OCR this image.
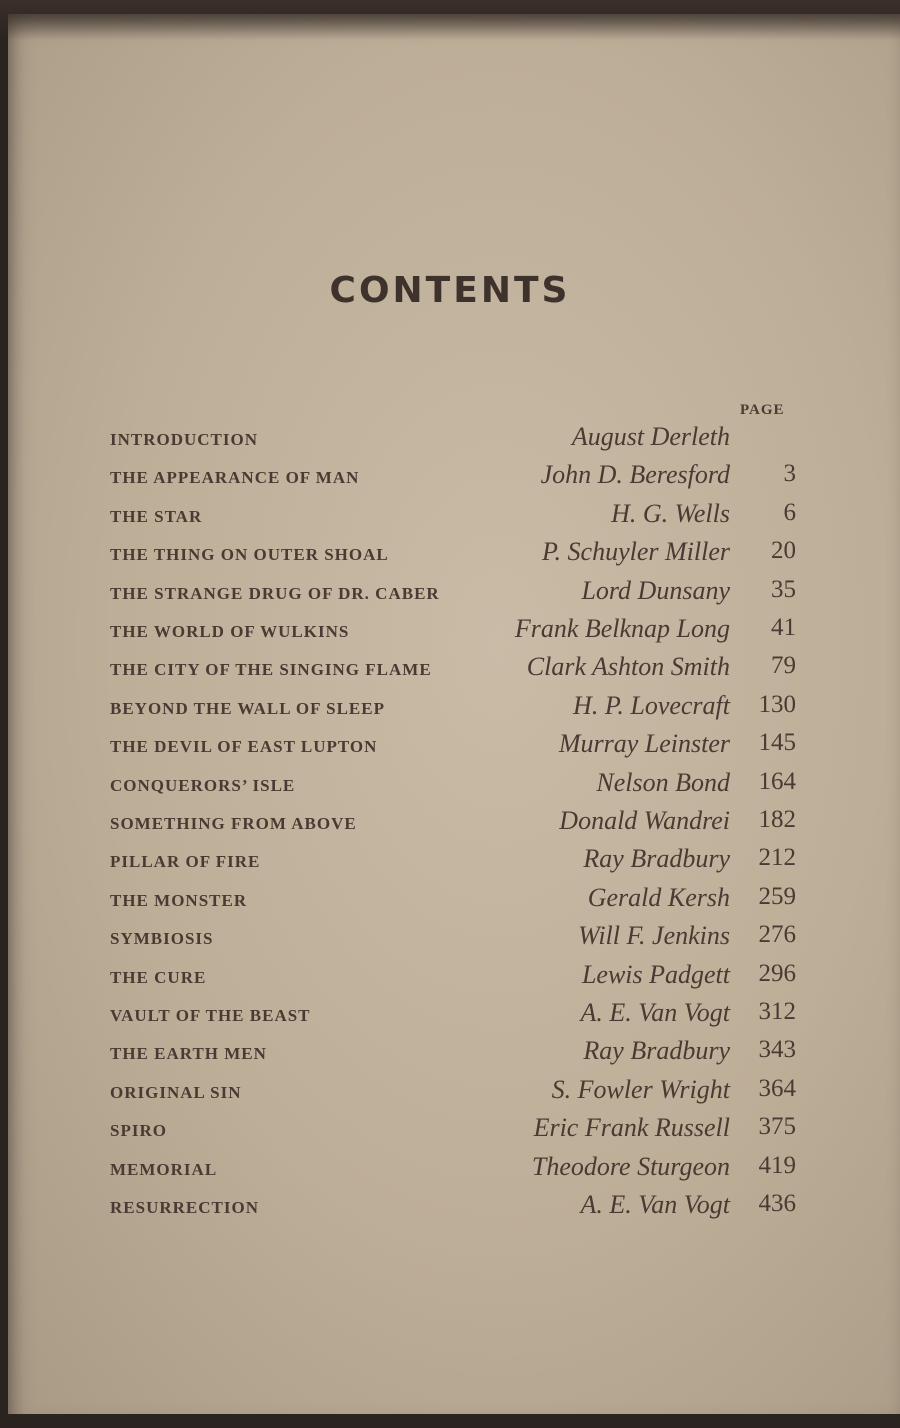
CONTENTS
PAGE
INTRODUCTION	August Derleth
THE APPEARANCE OF MAN	John D. Beresford 3
THE STAR	H. G. Wells 6
THE THING ON OUTER SHOAL	P. Schuyler Miller 20
THE STRANGE DRUG OF DR. CABER	Lord Dunsany 35
THE WORLD OF WULKINS	Frank Belknap Long 41
THE CITY OF THE SINGING FLAME	Clark Ashton Smith 79
BEYOND THE WALL OF SLEEP	H. P. Lovecraft 130
THE DEVIL OF EAST LUPTON	Murray Leinster 145
CONQUERORS’ ISLE	Nelson Bond 164
SOMETHING FROM ABOVE	Donald Wandrei 182
PILLAR OF FIRE	Ray Bradbury 212
THE MONSTER	Gerald Kersh 259
SYMBIOSIS	Will F. Jenkins 276
THE CURE	Lewis Padgett 296
VAULT OF THE BEAST	A. E. Van Vogt 312
THE EARTH MEN	Ray Bradbury 343
ORIGINAL SIN	S. Fowler Wright 364
SPIRO	Eric Frank Russell 375
MEMORIAL	Theodore Sturgeon 419
RESURRECTION	A. E. Van Vogt 436
